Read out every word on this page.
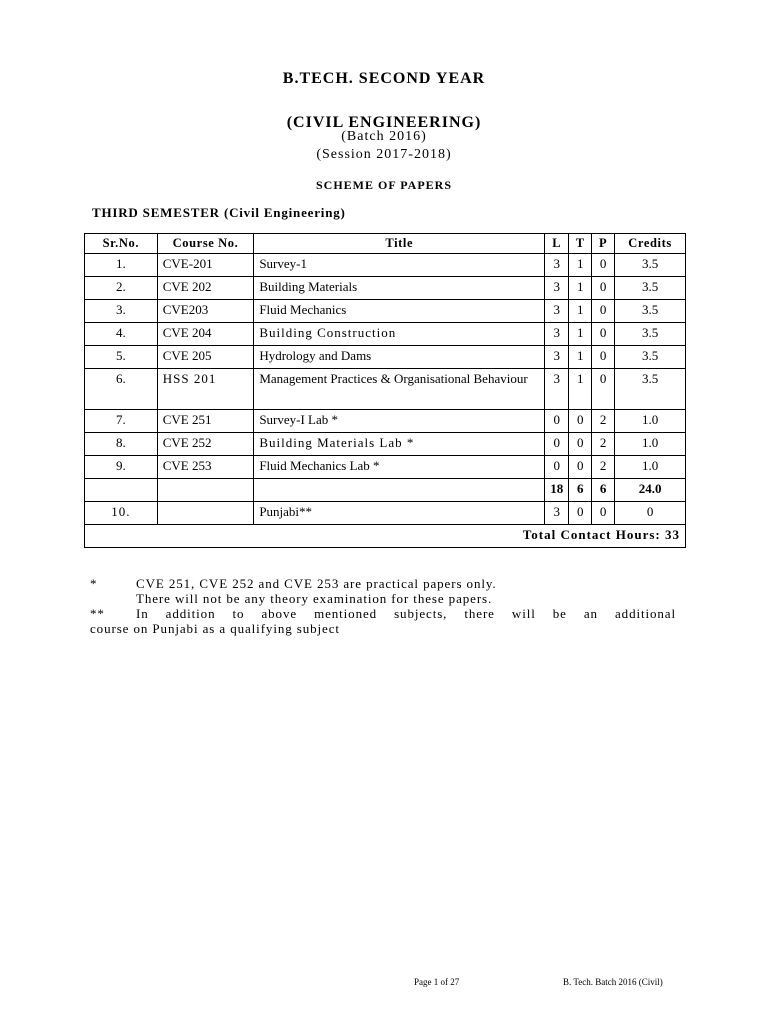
B.TECH. SECOND YEAR
(CIVIL ENGINEERING)
(Batch 2016)
(Session 2017-2018)
SCHEME OF PAPERS
THIRD SEMESTER (Civil Engineering)
Sr.No.	Course No.	Title	L	T	P	Credits
1.	CVE-201	Survey-1	3	1	0	3.5
2.	CVE 202	Building Materials	3	1	0	3.5
3.	CVE203	Fluid Mechanics	3	1	0	3.5
4.	CVE 204	Building Construction	3	1	0	3.5
5.	CVE 205	Hydrology and Dams	3	1	0	3.5
6.	HSS 201	Management Practices & Organisational Behaviour	3	1	0	3.5
7.	CVE 251	Survey-I Lab *	0	0	2	1.0
8.	CVE 252	Building Materials Lab *	0	0	2	1.0
9.	CVE 253	Fluid Mechanics Lab *	0	0	2	1.0
			18	6	6	24.0
10.		Punjabi**	3	0	0	0
Total Contact Hours: 33						
*	CVE 251, CVE 252 and CVE 253 are practical papers only.
There will not be any theory examination for these papers.
**	In addition to above mentioned subjects, there will be an additional
course on Punjabi as a qualifying subject
Page 1 of 27	B. Tech. Batch 2016 (Civil)
